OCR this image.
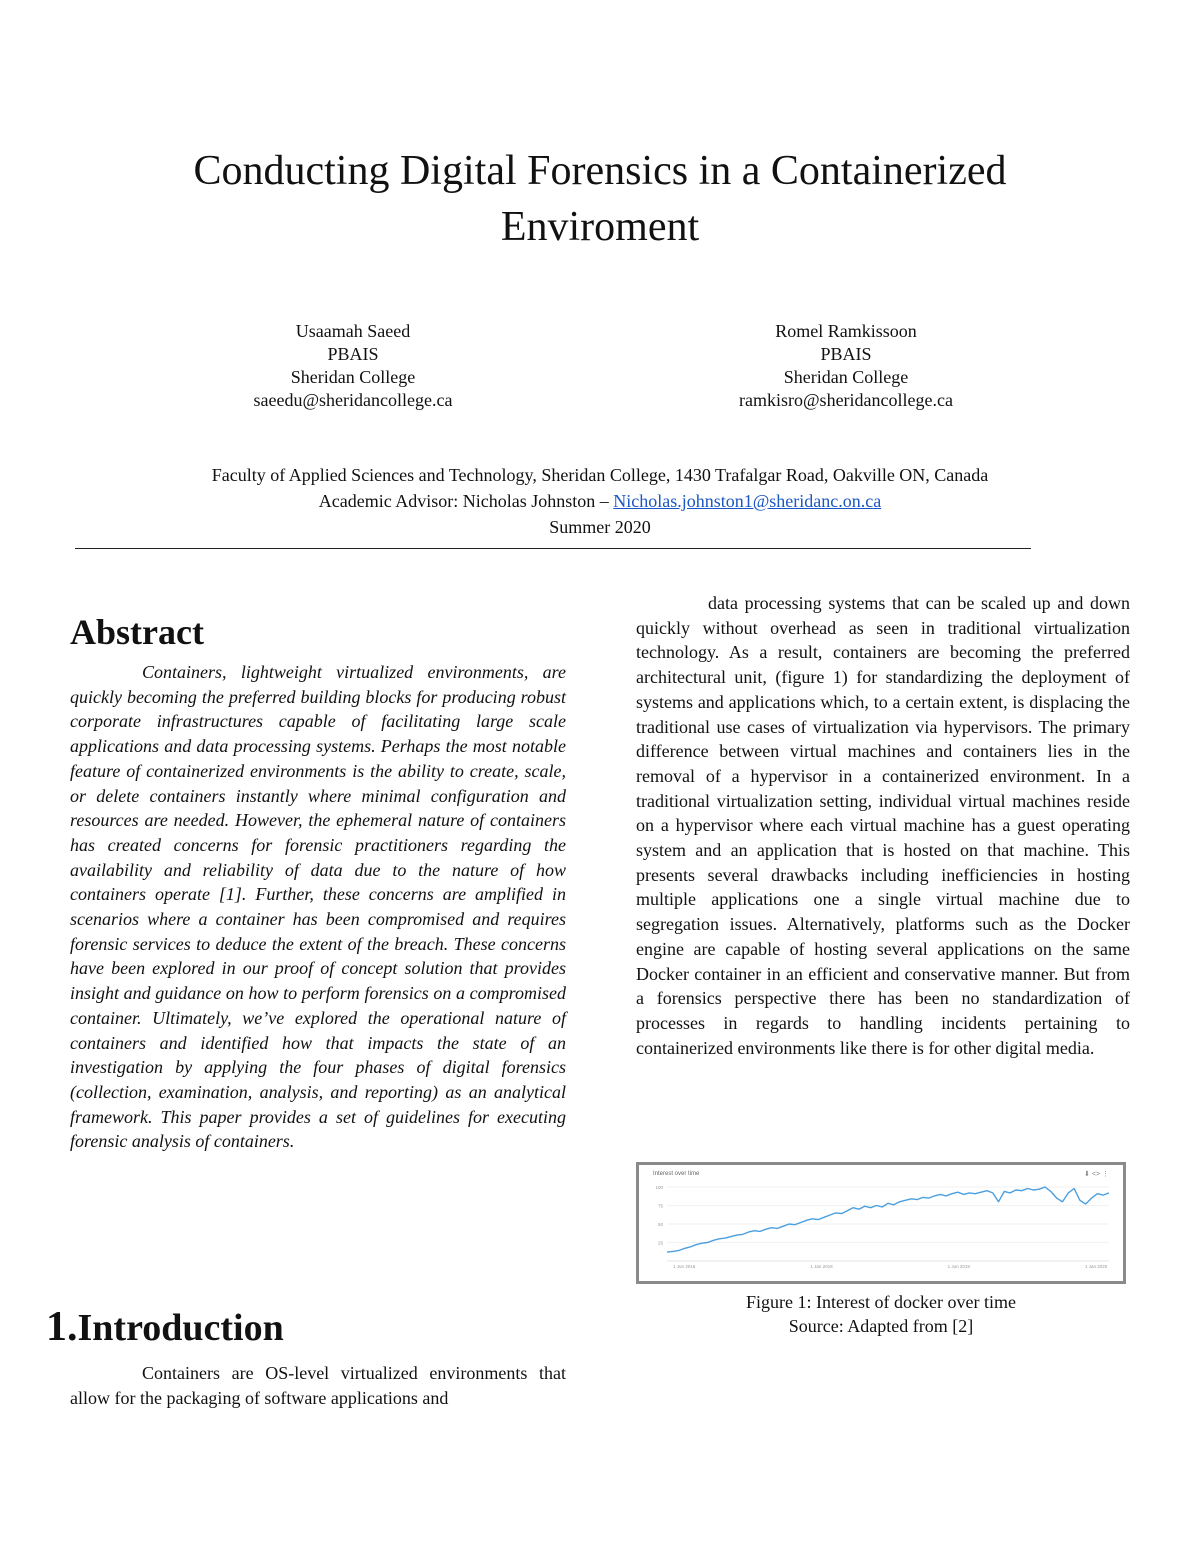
Conducting Digital Forensics in a Containerized Enviroment
Usaamah Saeed
PBAIS
Sheridan College
saeedu@sheridancollege.ca
Romel Ramkissoon
PBAIS
Sheridan College
ramkisro@sheridancollege.ca
Faculty of Applied Sciences and Technology, Sheridan College, 1430 Trafalgar Road, Oakville ON, Canada
Academic Advisor: Nicholas Johnston – Nicholas.johnston1@sheridanc.on.ca
Summer 2020
Abstract

Containers, lightweight virtualized environments, are quickly becoming the preferred building blocks for producing robust corporate infrastructures capable of facilitating large scale applications and data processing systems. Perhaps the most notable feature of containerized environments is the ability to create, scale, or delete containers instantly where minimal configuration and resources are needed. However, the ephemeral nature of containers has created concerns for forensic practitioners regarding the availability and reliability of data due to the nature of how containers operate [1]. Further, these concerns are amplified in scenarios where a container has been compromised and requires forensic services to deduce the extent of the breach. These concerns have been explored in our proof of concept solution that provides insight and guidance on how to perform forensics on a compromised container. Ultimately, we’ve explored the operational nature of containers and identified how that impacts the state of an investigation by applying the four phases of digital forensics (collection, examination, analysis, and reporting) as an analytical framework. This paper provides a set of guidelines for executing forensic analysis of containers.

1.Introduction

Containers are OS-level virtualized environments that allow for the packaging of software applications and

data processing systems that can be scaled up and down quickly without overhead as seen in traditional virtualization technology. As a result, containers are becoming the preferred architectural unit, (figure 1) for standardizing the deployment of systems and applications which, to a certain extent, is displacing the traditional use cases of virtualization via hypervisors. The primary difference between virtual machines and containers lies in the removal of a hypervisor in a containerized environment. In a traditional virtualization setting, individual virtual machines reside on a hypervisor where each virtual machine has a guest operating system and an application that is hosted on that machine. This presents several drawbacks including inefficiencies in hosting multiple applications one a single virtual machine due to segregation issues. Alternatively, platforms such as the Docker engine are capable of hosting several applications on the same Docker container in an efficient and conservative manner. But from a forensics perspective there has been no standardization of processes in regards to handling incidents pertaining to containerized environments like there is for other digital media.

100
75
50
25
1 Jun 2016	1 Jan 2018	1 Jun 2019	1 Jan 2020
Interest over time	⬇ <> ⋮
Figure 1: Interest of docker over time
Source: Adapted from [2]
